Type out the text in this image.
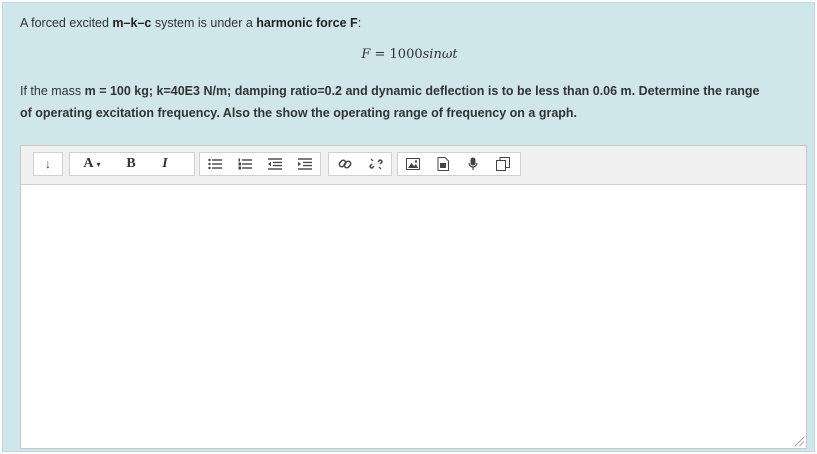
A forced excited m–k–c system is under a harmonic force F:
F = 1000sinωt
If the mass m = 100 kg; k=40E3 N/m; damping ratio=0.2 and dynamic deflection is to be less than 0.06 m. Determine the range
of operating excitation frequency. Also the show the operating range of frequency on a graph.
↓ A ▾ B I
